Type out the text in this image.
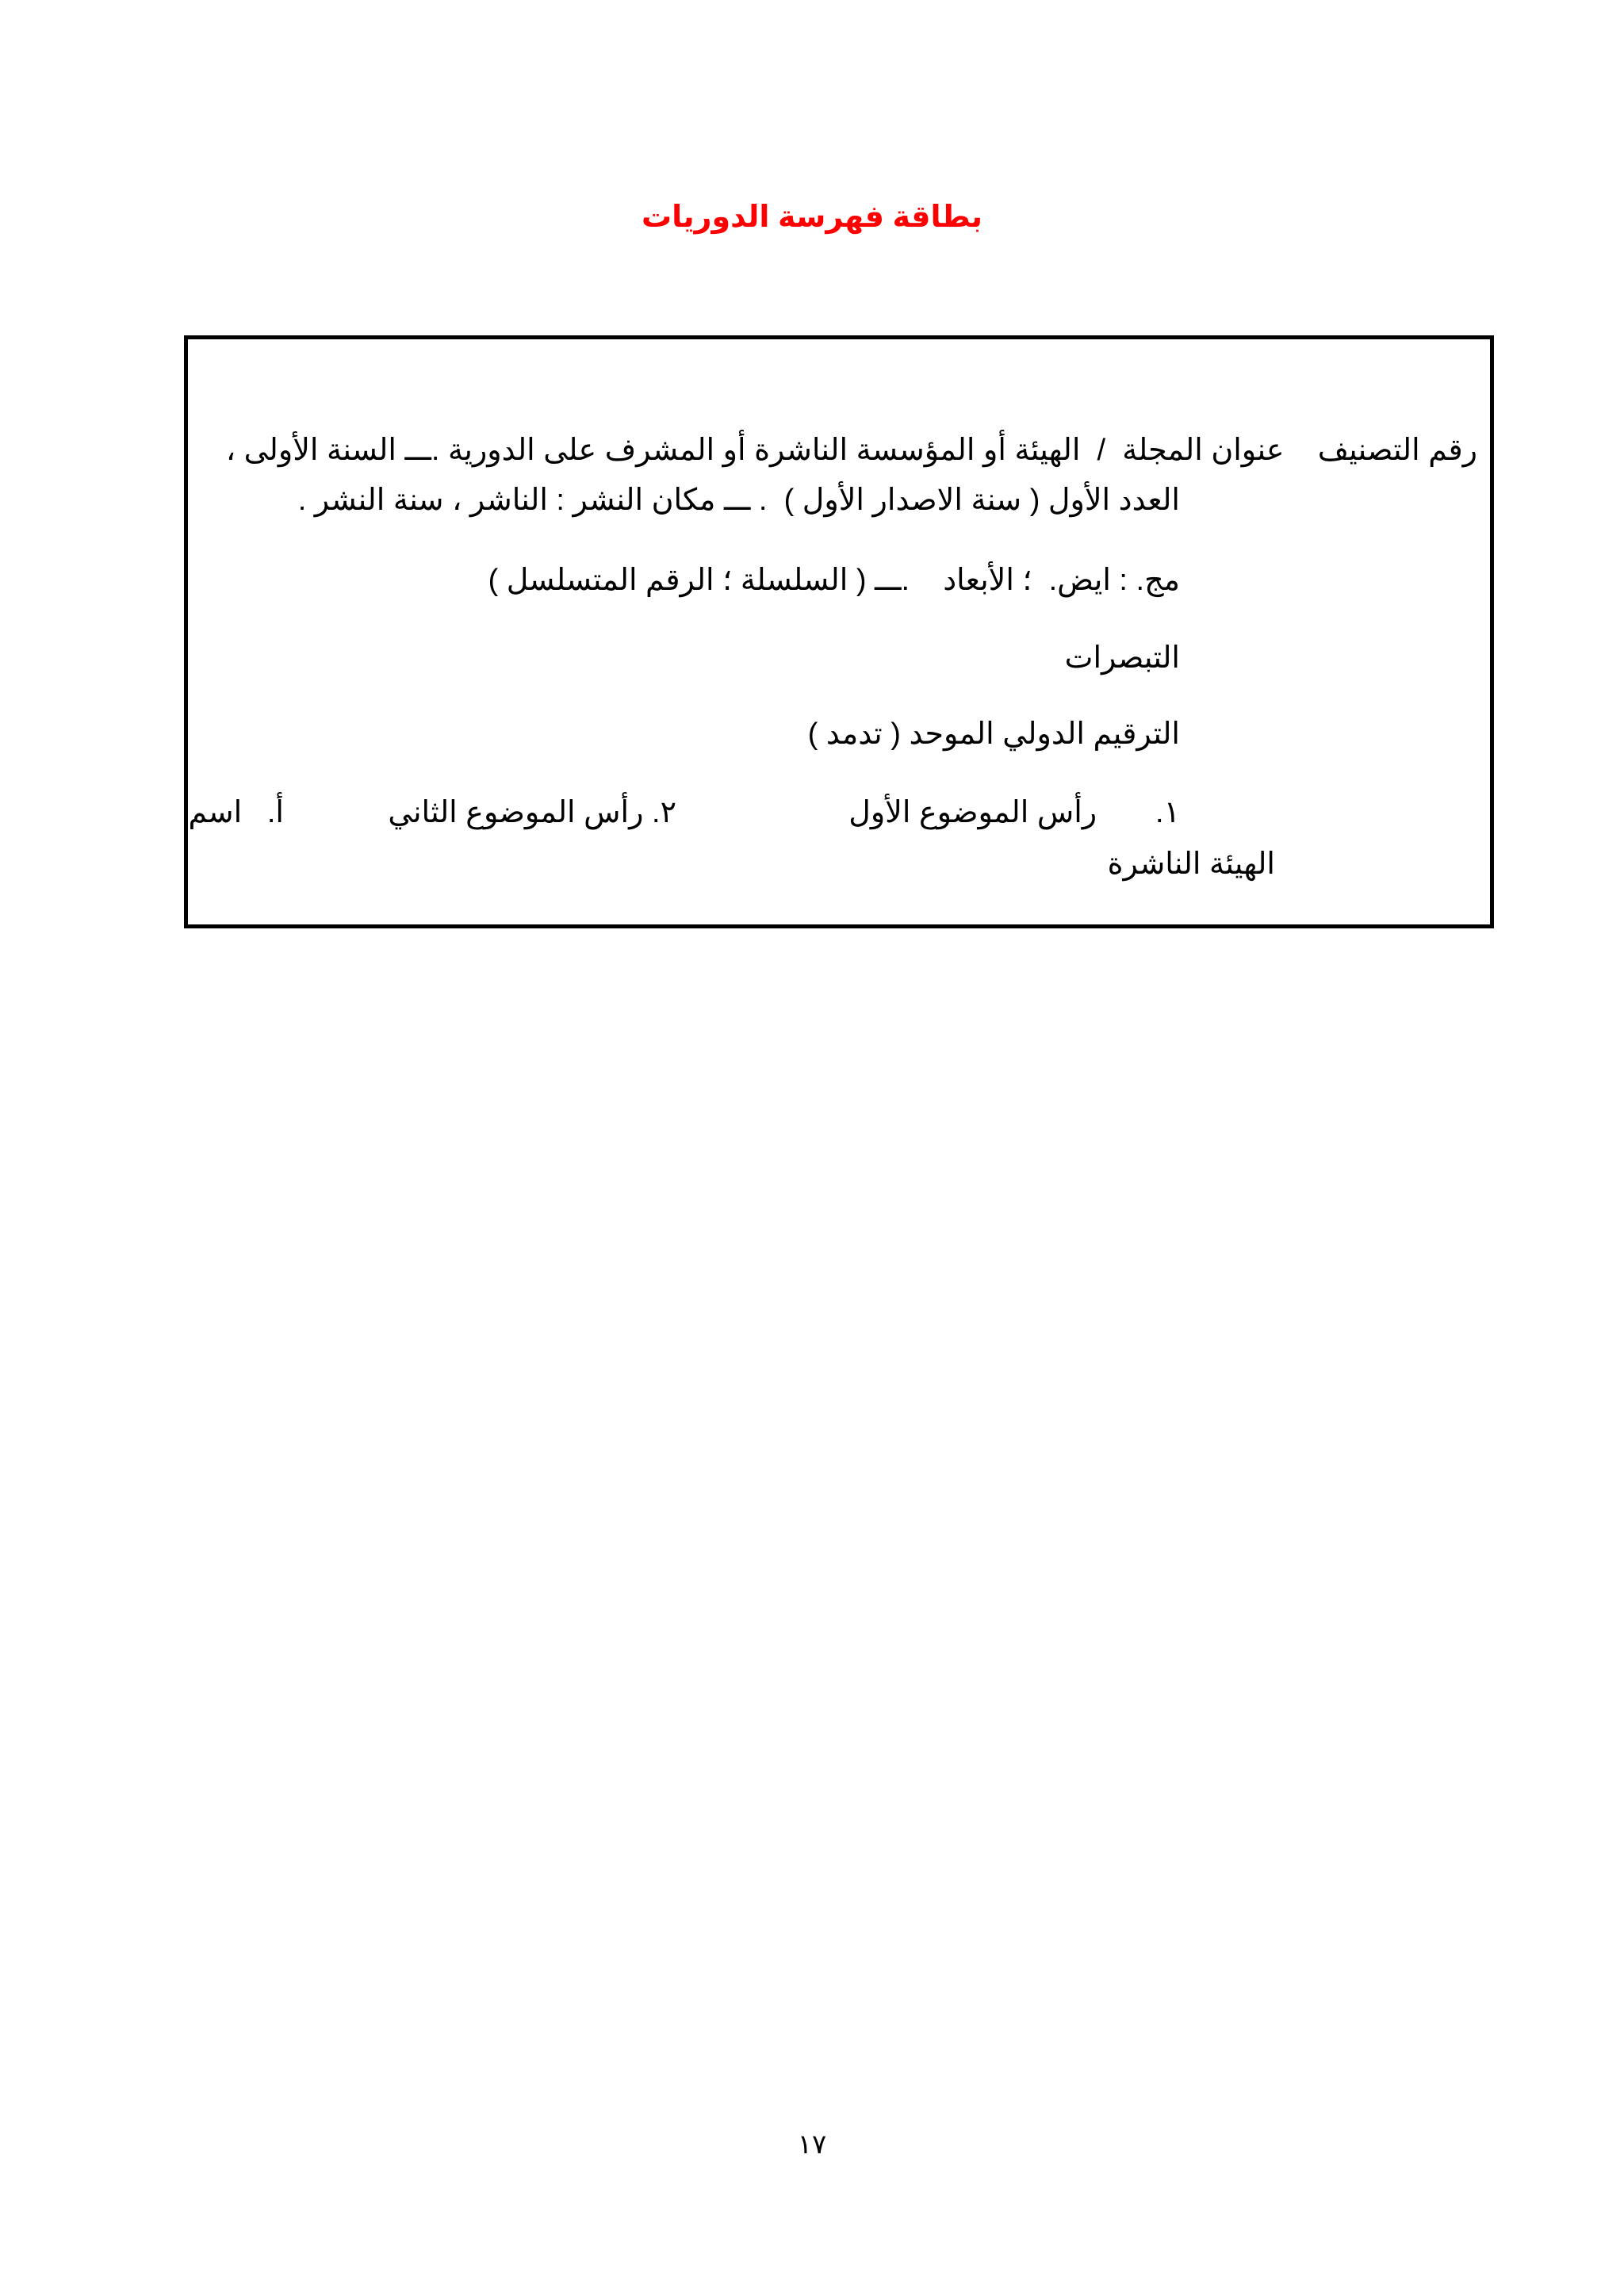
بطاقة فهرسة الدوريات
رقم التصنيف    عنوان المجلة  /  الهيئة أو المؤسسة الناشرة أو المشرف على الدورية .ـــ السنة الأولى ،
العدد الأول ( سنة الاصدار الأول )  . ـــ مكان النشر : الناشر ، سنة النشر .
مج. : ايض.  ؛ الأبعاد    .ـــ ( السلسلة ؛ الرقم المتسلسل )
التبصرات
الترقيم الدولي الموحد ( تدمد )
١.       رأس الموضوع الأول
٢. رأس الموضوع الثاني
أ.   اسم
الهيئة الناشرة
١٧
